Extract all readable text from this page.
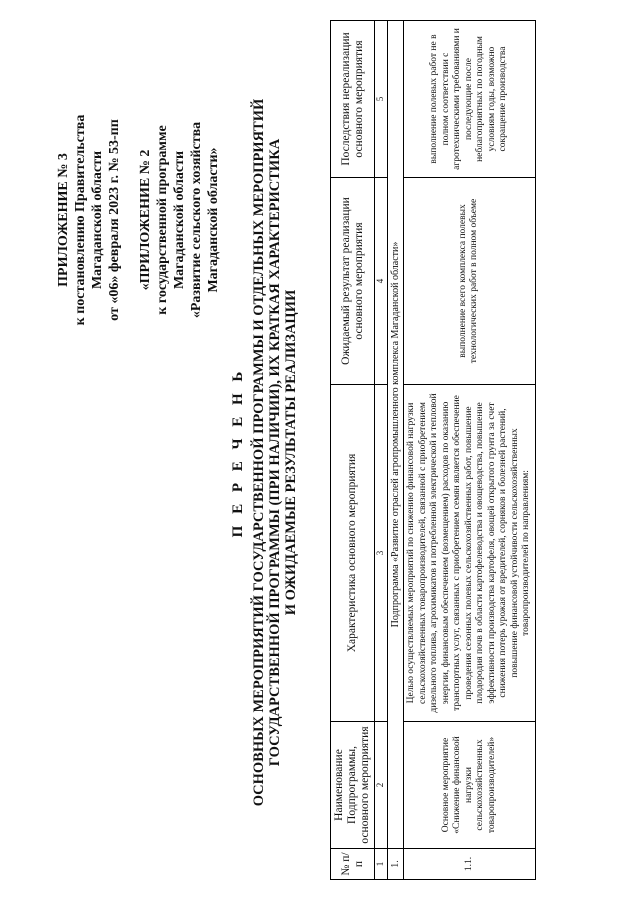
ПРИЛОЖЕНИЕ № 3 к постановлению Правительства Магаданской области от «06» февраля 2023 г. № 53-пп «ПРИЛОЖЕНИЕ № 2 к государственной программе Магаданской области «Развитие сельского хозяйства Магаданской области»

П Е Р Е Ч Е Н Ь ОСНОВНЫХ МЕРОПРИЯТИЙ ГОСУДАРСТВЕННОЙ ПРОГРАММЫ И ОТДЕЛЬНЫХ МЕРОПРИЯТИЙ ГОСУДАРСТВЕННОЙ ПРОГРАММЫ (ПРИ НАЛИЧИИ), ИХ КРАТКАЯ ХАРАКТЕРИСТИКА И ОЖИДАЕМЫЕ РЕЗУЛЬТАТЫ РЕАЛИЗАЦИИ

№ п/п	Наименование Подпрограммы, основного мероприятия	Характеристика основного мероприятия	Ожидаемый результат реализации основного мероприятия	Последствия нереализации основного мероприятия
1	2	3	4	5
1.	Подпрограмма «Развитие отраслей агропромышленного комплекса Магаданской области»			
1.1.	Основное мероприятие «Снижение финансовой нагрузки сельскохозяйственных товаропроизводителей»	Целью осуществляемых мероприятий по снижению финансовой нагрузки сельскохозяйственных товаропроизводителей, связанной с приобретением дизельного топлива, агрохимикатов и потребленной электрической и тепловой энергии, финансовым обеспечением (возмещением) расходов по оказанию транспортных услуг, связанных с приобретением семян является обеспечение проведения сезонных полевых сельскохозяйственных работ, повышение плодородия почв в области картофелеводства и овощеводства, повышение эффективности производства картофеля, овощей открытого грунта за счет снижения потерь урожая от вредителей, сорняков и болезней растений, повышение финансовой устойчивости сельскохозяйственных товаропроизводителей по направлениям:	выполнение всего комплекса полевых технологических работ в полном объеме	выполнение полевых работ не в полном соответствии с агротехническими требованиями и последующие после неблагоприятных по погодным условиям годы, возможно сокращение производства
